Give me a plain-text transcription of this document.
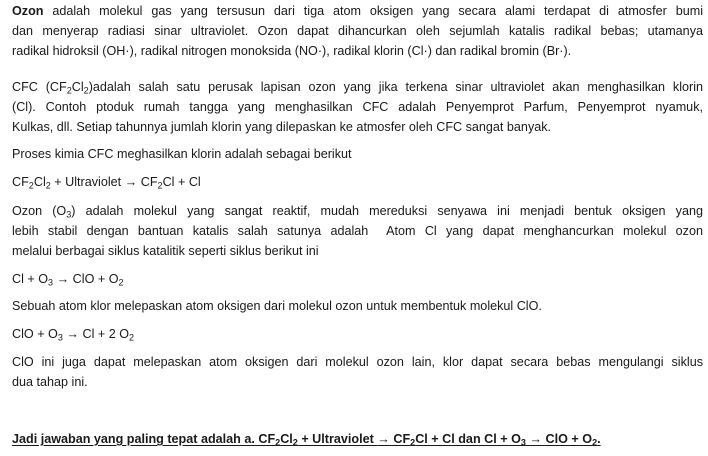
Ozon adalah molekul gas yang tersusun dari tiga atom oksigen yang secara alami terdapat di atmosfer bumi
dan menyerap radiasi sinar ultraviolet. Ozon dapat dihancurkan oleh sejumlah katalis radikal bebas; utamanya
radikal hidroksil (OH·), radikal nitrogen monoksida (NO·), radikal klorin (Cl·) dan radikal bromin (Br·).
CFC $(CF_2Cl_2)adalah$ salah satu perusak lapisan ozon yang jika terkena sinar ultraviolet akan menghasilkan klorin
(Cl). Contoh ptoduk rumah tangga yang menghasilkan CFC adalah Penyemprot Parfum, Penyemprot nyamuk,
Kulkas, dll. Setiap tahunnya jumlah klorin yang dilepaskan ke atmosfer oleh CFC sangat banyak.
Proses kimia CFC meghasilkan klorin adalah sebagai berikut
$CF_2Cl_2$ + Ultraviolet → $CF_2Cl + Cl$
Ozon $(O_3)$ adalah molekul yang sangat reaktif, mudah mereduksi senyawa ini menjadi bentuk oksigen yang
lebih stabil dengan bantuan katalis salah satunya adalah  Atom Cl yang dapat menghancurkan molekul ozon
melalui berbagai siklus katalitik seperti siklus berikut ini
$Cl + O_3$ → ClO + $O_2$
Sebuah atom klor melepaskan atom oksigen dari molekul ozon untuk membentuk molekul ClO.
ClO + $O_3 \to Cl + 2$ $O_2$
ClO ini juga dapat melepaskan atom oksigen dari molekul ozon lain, klor dapat secara bebas mengulangi siklus
dua tahap ini.
Jadi jawaban yang paling tepat adalah a. $CF_2Cl_2$ + Ultraviolet → $CF_2Cl + Cl$ dan $Cl + O_3$ → ClO + $O_2$.
